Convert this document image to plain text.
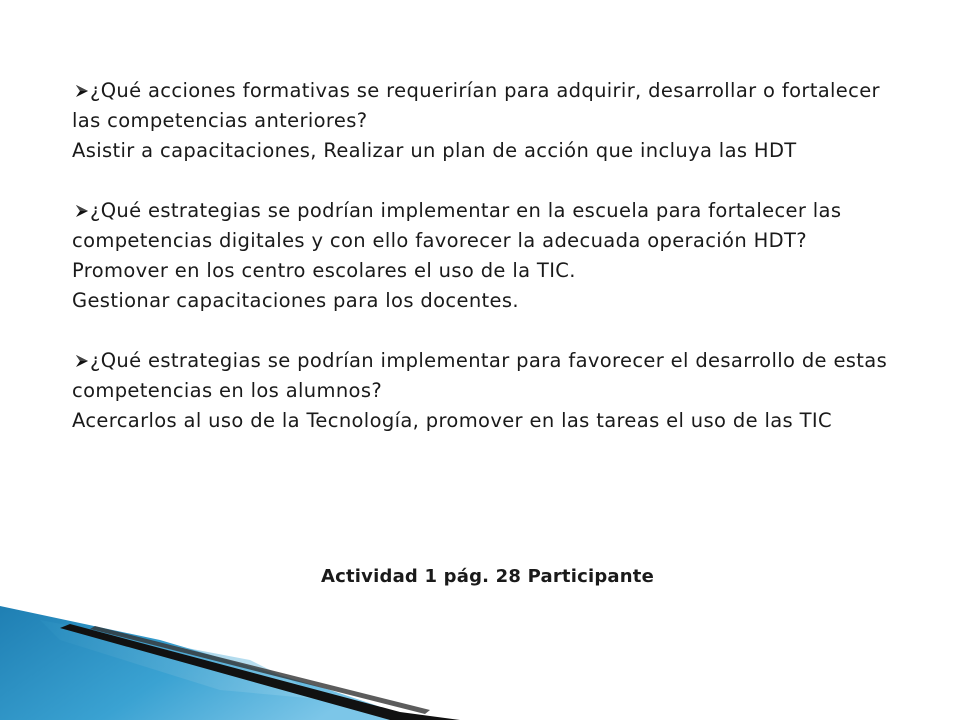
¿Qué acciones formativas se requerirían para adquirir, desarrollar o fortalecer las competencias anteriores?
Asistir a capacitaciones, Realizar un plan de acción que incluya las HDT
¿Qué estrategias se podrían implementar en la escuela para fortalecer las competencias digitales y con ello favorecer la adecuada operación HDT?
Promover en los centro escolares el uso de la TIC.
Gestionar capacitaciones para los docentes.
¿Qué estrategias se podrían implementar para favorecer el desarrollo de estas competencias en los alumnos?
Acercarlos al uso de la Tecnología, promover en las tareas el uso de las TIC
Actividad 1 pág. 28 Participante
